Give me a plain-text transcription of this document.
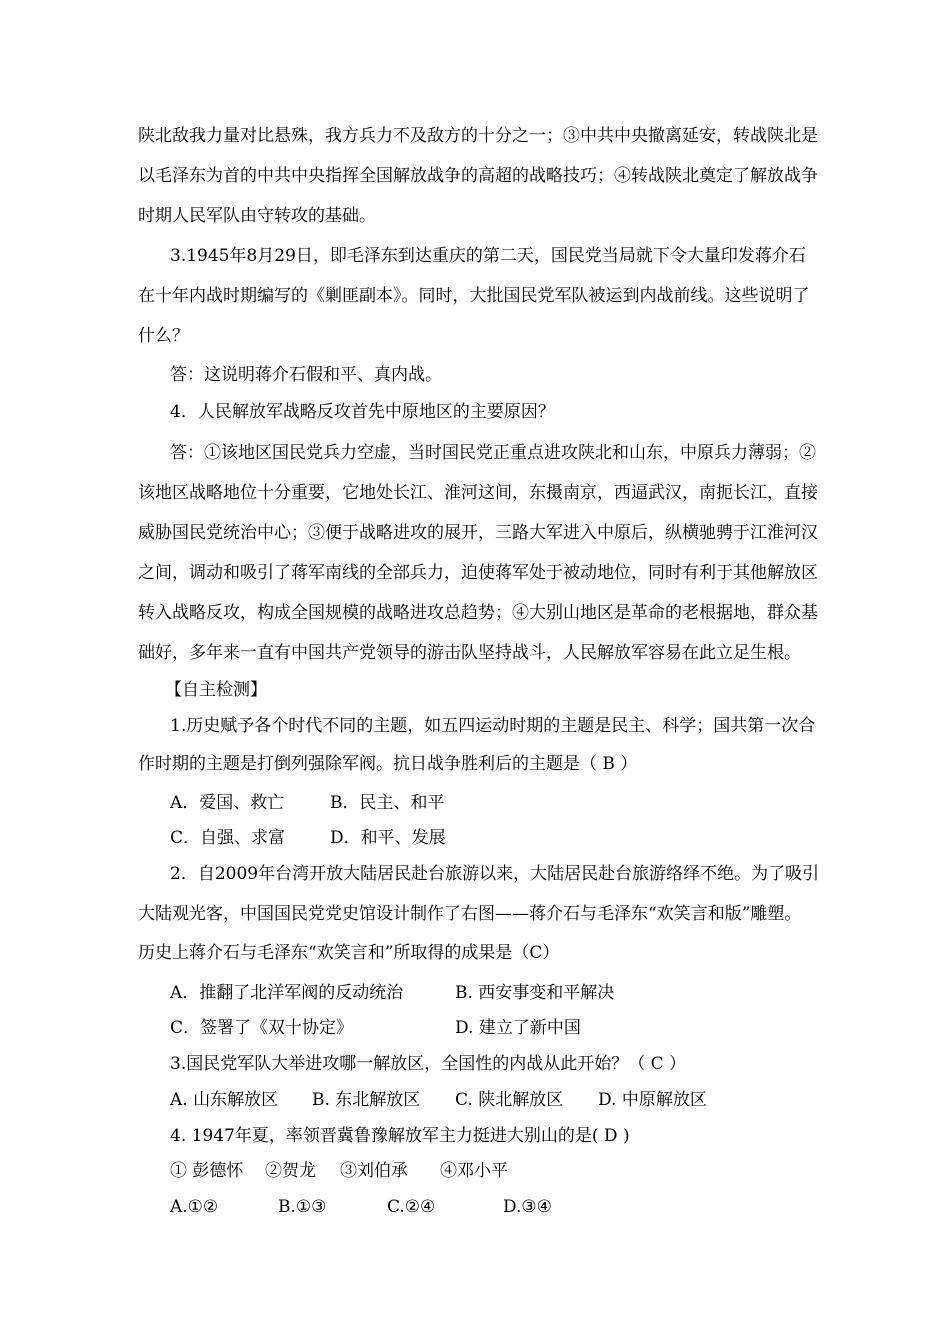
陕北敌我力量对比悬殊，我方兵力不及敌方的十分之一；③中共中央撤离延安，转战陕北是
以毛泽东为首的中共中央指挥全国解放战争的高超的战略技巧；④转战陕北奠定了解放战争
时期人民军队由守转攻的基础。
3.1945年8月29日，即毛泽东到达重庆的第二天，国民党当局就下令大量印发蒋介石
在十年内战时期编写的《剿匪副本》。同时，大批国民党军队被运到内战前线。这些说明了
什么？
答：这说明蒋介石假和平、真内战。
4．人民解放军战略反攻首先中原地区的主要原因？
答：①该地区国民党兵力空虚，当时国民党正重点进攻陕北和山东，中原兵力薄弱；②
该地区战略地位十分重要，它地处长江、淮河这间，东摄南京，西逼武汉，南扼长江，直接
威胁国民党统治中心；③便于战略进攻的展开，三路大军进入中原后，纵横驰骋于江淮河汉
之间，调动和吸引了蒋军南线的全部兵力，迫使蒋军处于被动地位，同时有利于其他解放区
转入战略反攻，构成全国规模的战略进攻总趋势；④大别山地区是革命的老根据地，群众基
础好，多年来一直有中国共产党领导的游击队坚持战斗，人民解放军容易在此立足生根。
【自主检测】
1.历史赋予各个时代不同的主题，如五四运动时期的主题是民主、科学；国共第一次合
作时期的主题是打倒列强除军阀。抗日战争胜利后的主题是（ B ）
A．爱国、救亡	B．民主、和平
C．自强、求富	D．和平、发展
2．自2009年台湾开放大陆居民赴台旅游以来，大陆居民赴台旅游络绎不绝。为了吸引
大陆观光客，中国国民党党史馆设计制作了右图——蒋介石与毛泽东“欢笑言和版”雕塑。
历史上蒋介石与毛泽东“欢笑言和”所取得的成果是（C）
A．推翻了北洋军阀的反动统治	B. 西安事变和平解决
C．签署了《双十协定》	D. 建立了新中国
3.国民党军队大举进攻哪一解放区，全国性的内战从此开始？（ C ）
A. 山东解放区 B. 东北解放区 C. 陕北解放区 D. 中原解放区
4. 1947年夏，率领晋冀鲁豫解放军主力挺进大别山的是( D )
① 彭德怀 ②贺龙 ③刘伯承 ④邓小平
A.①②	B.①③	C.②④	D.③④
